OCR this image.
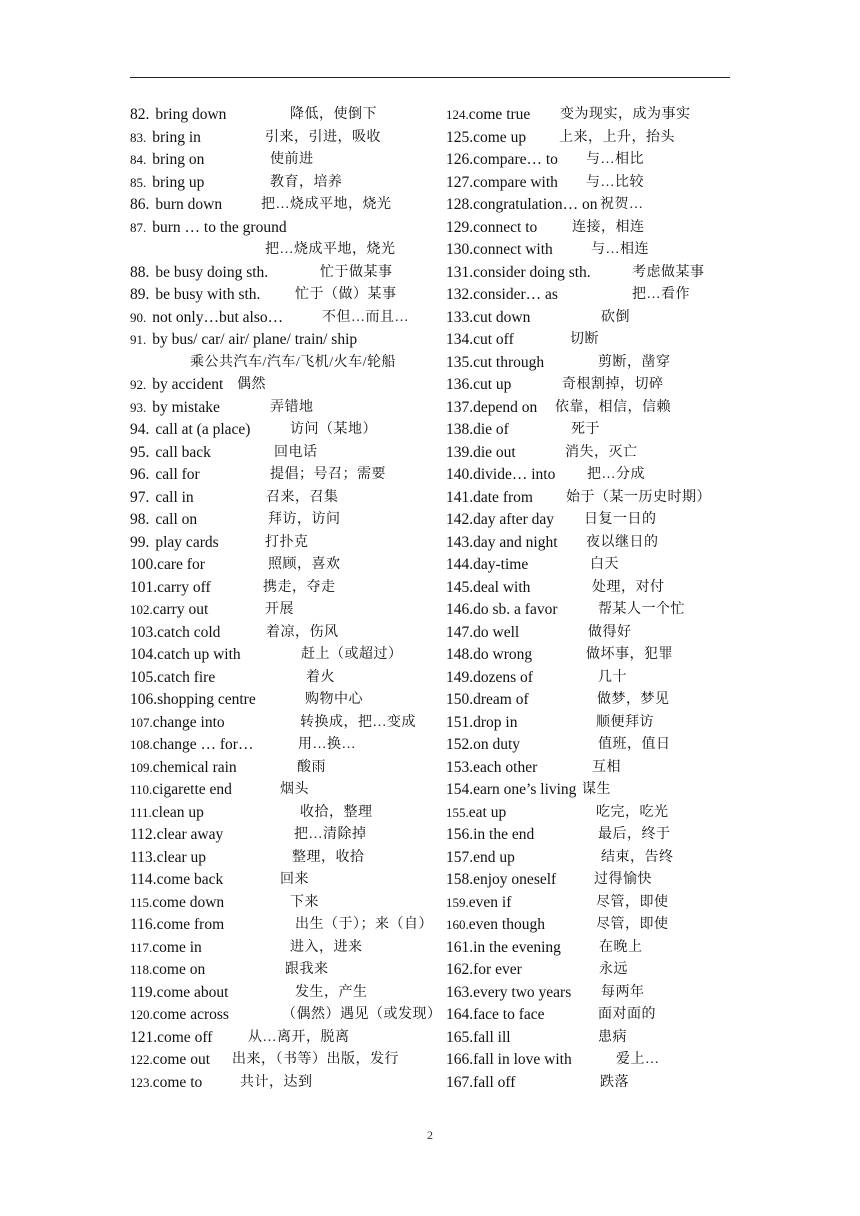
82. bring down	降低，使倒下
83. bring in	引来，引进，吸收
84. bring on	使前进
85. bring up	教育，培养
86. burn down	把…烧成平地，烧光
87. burn … to the ground
把…烧成平地，烧光
88. be busy doing sth.	忙于做某事
89. be busy with sth. 忙于（做）某事
90. not only…but also…	不但…而且…
91. by bus/ car/ air/ plane/ train/ ship
乘公共汽车/汽车/飞机/火车/轮船
92. by accident 偶然
93. by mistake	弄错地
94. call at (a place)	访问（某地）
95. call back	回电话
96. call for	提倡；号召；需要
97. call in	召来，召集
98. call on	拜访，访问
99. play cards	打扑克
100.care for	照顾，喜欢
101.carry off	携走，夺走
102.carry out	开展
103.catch cold	着凉，伤风
104.catch up with	赶上（或超过）
105.catch fire	着火
106.shopping centre	购物中心
107.change into	转换成，把…变成
108.change … for…	用…换…
109.chemical rain	酸雨
110.cigarette end	烟头
111.clean up	收拾，整理
112.clear away	把…清除掉
113.clear up	整理，收拾
114.come back	回来
115.come down	下来
116.come from	出生（于）；来（自）
117.come in	进入，进来
118.come on	跟我来
119.come about	发生，产生
120.come across	（偶然）遇见（或发现）
121.come off	从…离开，脱离
122.come out 出来，（书等）出版，发行
123.come to	共计，达到
124.come true 变为现实，成为事实
125.come up 上来，上升，抬头
126.compare… to 与…相比
127.compare with 与…比较
128.congratulation… on 祝贺…
129.connect to 连接，相连
130.connect with	与…相连
131.consider doing sth.	考虑做某事
132.consider… as	把…看作
133.cut down	砍倒
134.cut off	切断
135.cut through	剪断，凿穿
136.cut up	奇根割掉，切碎
137.depend on 依靠，相信，信赖
138.die of	死于
139.die out	消失，灭亡
140.divide… into 把…分成
141.date from 始于（某一历史时期）
142.day after day 日复一日的
143.day and night 夜以继日的
144.day-time	白天
145.deal with	处理，对付
146.do sb. a favor	帮某人一个忙
147.do well	做得好
148.do wrong	做坏事，犯罪
149.dozens of	几十
150.dream of	做梦，梦见
151.drop in	顺便拜访
152.on duty	值班，值日
153.each other	互相
154.earn one’s living 谋生
155.eat up	吃完，吃光
156.in the end	最后，终于
157.end up	结束，告终
158.enjoy oneself	过得愉快
159.even if	尽管，即使
160.even though	尽管，即使
161.in the evening	在晚上
162.for ever	永远
163.every two years 每两年
164.face to face	面对面的
165.fall ill	患病
166.fall in love with	爱上…
167.fall off	跌落
2
